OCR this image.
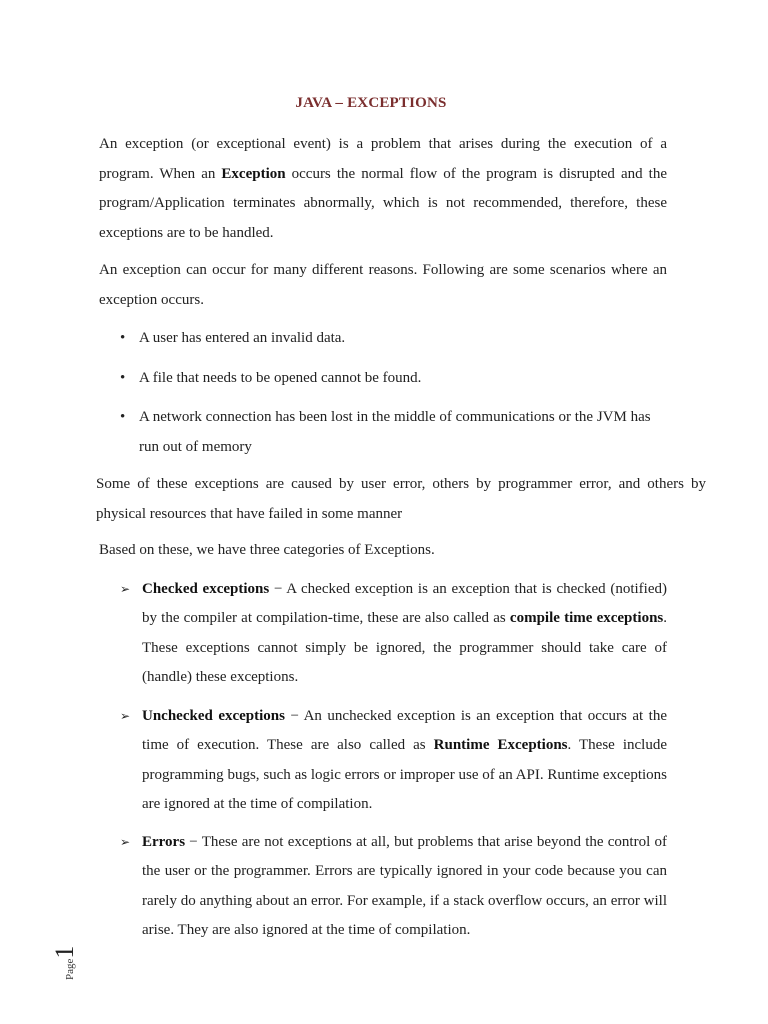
JAVA – EXCEPTIONS

An exception (or exceptional event) is a problem that arises during the execution of a program. When an Exception occurs the normal flow of the program is disrupted and the program/Application terminates abnormally, which is not recommended, therefore, these exceptions are to be handled.

An exception can occur for many different reasons. Following are some scenarios where an exception occurs.

• A user has entered an invalid data.

• A file that needs to be opened cannot be found.

• A network connection has been lost in the middle of communications or the JVM has run out of memory

Some of these exceptions are caused by user error, others by programmer error, and others by physical resources that have failed in some manner

Based on these, we have three categories of Exceptions.

➢ Checked exceptions − A checked exception is an exception that is checked (notified) by the compiler at compilation-time, these are also called as compile time exceptions. These exceptions cannot simply be ignored, the programmer should take care of (handle) these exceptions.

➢ Unchecked exceptions − An unchecked exception is an exception that occurs at the time of execution. These are also called as Runtime Exceptions. These include programming bugs, such as logic errors or improper use of an API. Runtime exceptions are ignored at the time of compilation.

➢ Errors − These are not exceptions at all, but problems that arise beyond the control of the user or the programmer. Errors are typically ignored in your code because you can rarely do anything about an error. For example, if a stack overflow occurs, an error will arise. They are also ignored at the time of compilation.

Page1
